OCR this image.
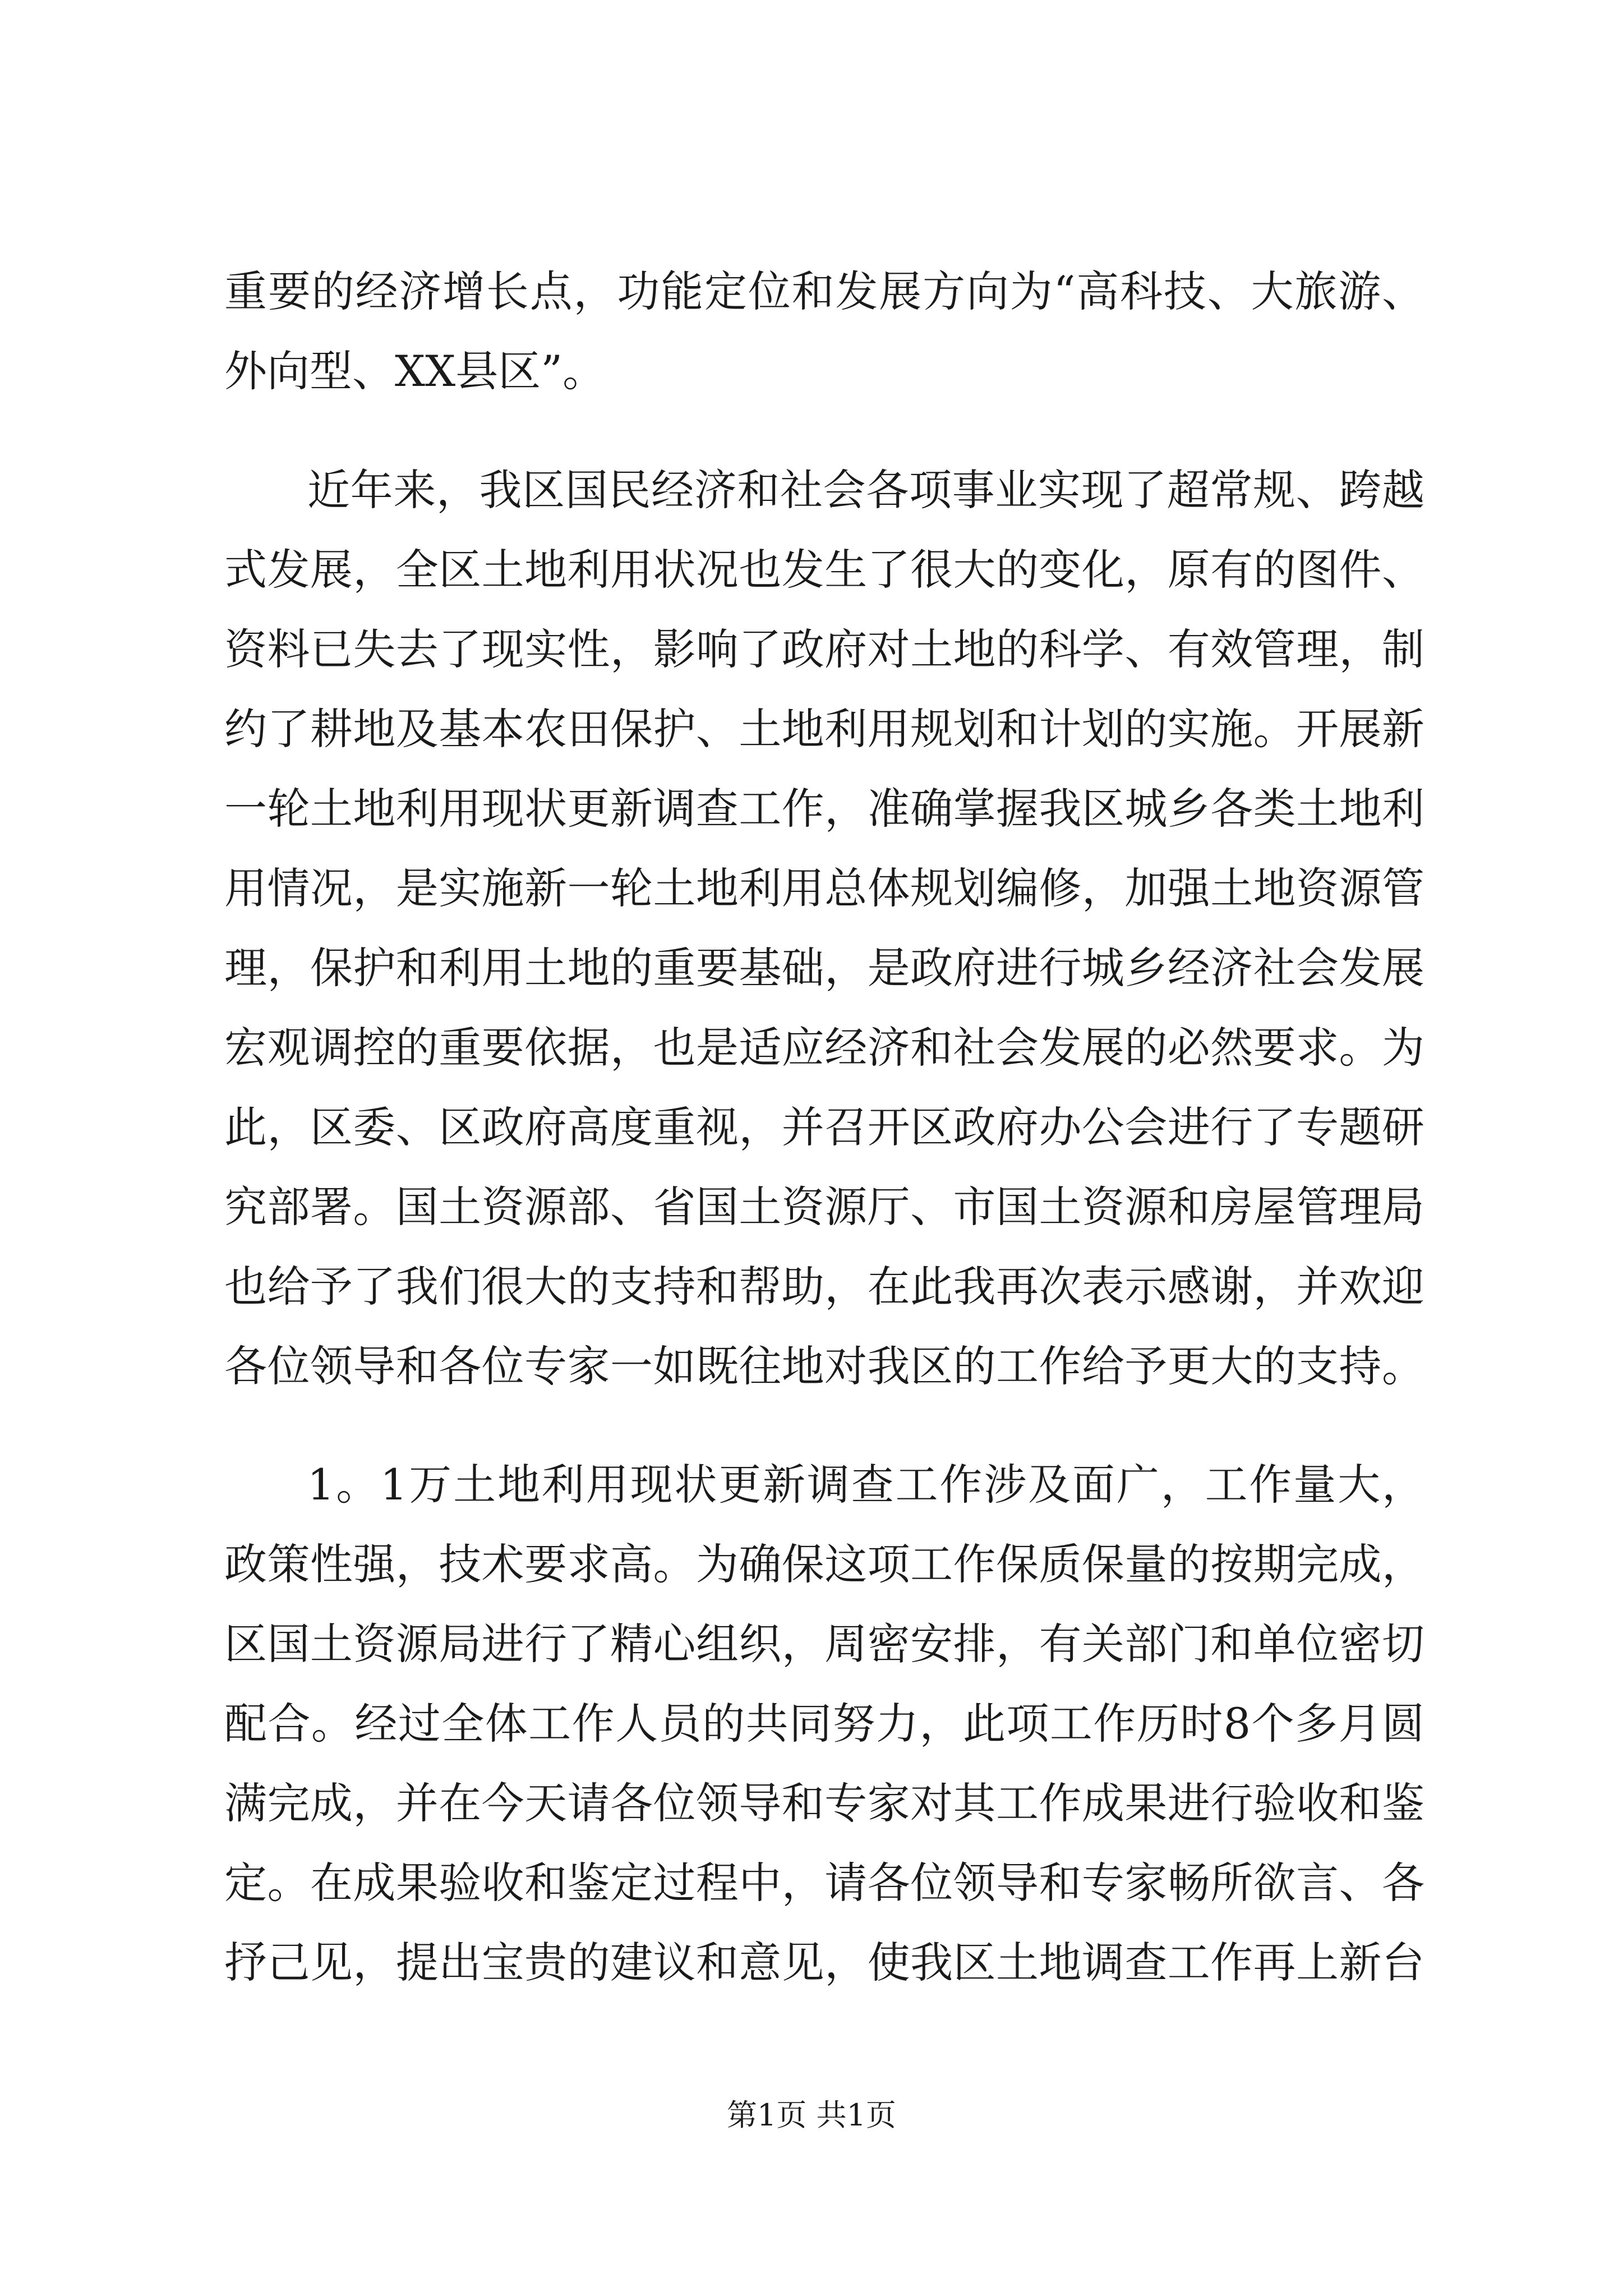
重要的经济增长点，功能定位和发展方向为“高科技、大旅游、
外向型、XX县区”。
近年来，我区国民经济和社会各项事业实现了超常规、跨越
式发展，全区土地利用状况也发生了很大的变化，原有的图件、
资料已失去了现实性，影响了政府对土地的科学、有效管理，制
约了耕地及基本农田保护、土地利用规划和计划的实施。开展新
一轮土地利用现状更新调查工作，准确掌握我区城乡各类土地利
用情况，是实施新一轮土地利用总体规划编修，加强土地资源管
理，保护和利用土地的重要基础，是政府进行城乡经济社会发展
宏观调控的重要依据，也是适应经济和社会发展的必然要求。为
此，区委、区政府高度重视，并召开区政府办公会进行了专题研
究部署。国土资源部、省国土资源厅、市国土资源和房屋管理局
也给予了我们很大的支持和帮助，在此我再次表示感谢，并欢迎
各位领导和各位专家一如既往地对我区的工作给予更大的支持。
1。1万土地利用现状更新调查工作涉及面广，工作量大，
政策性强，技术要求高。为确保这项工作保质保量的按期完成，
区国土资源局进行了精心组织，周密安排，有关部门和单位密切
配合。经过全体工作人员的共同努力，此项工作历时8个多月圆
满完成，并在今天请各位领导和专家对其工作成果进行验收和鉴
定。在成果验收和鉴定过程中，请各位领导和专家畅所欲言、各
抒己见，提出宝贵的建议和意见，使我区土地调查工作再上新台
第1页 共1页
